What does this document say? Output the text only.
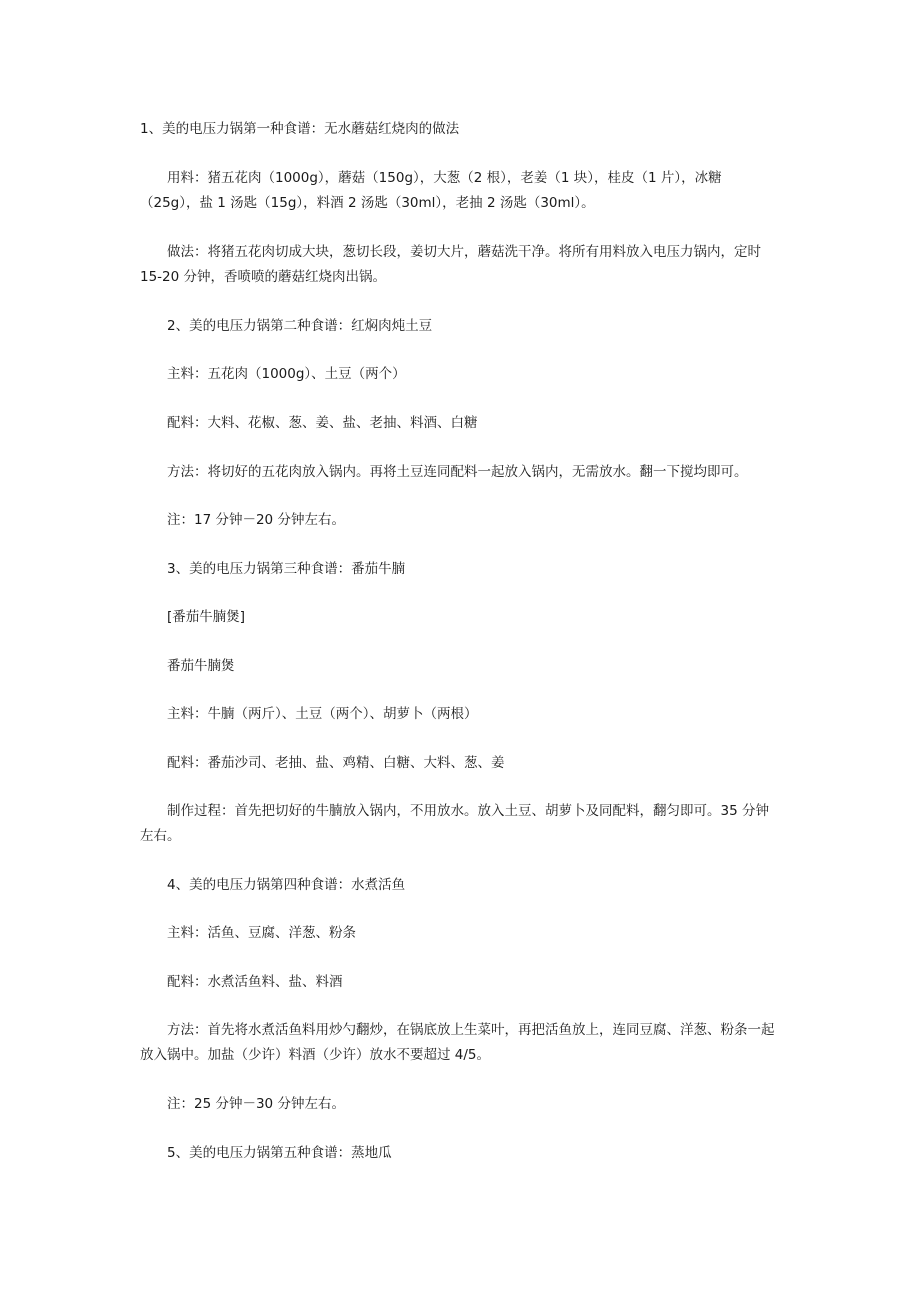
1、美的电压力锅第一种食谱：无水蘑菇红烧肉的做法

用料：猪五花肉（1000g），蘑菇（150g），大葱（2 根），老姜（1 块），桂皮（1 片），冰糖（25g），盐 1 汤匙（15g），料酒 2 汤匙（30ml），老抽 2 汤匙（30ml）。

做法：将猪五花肉切成大块，葱切长段，姜切大片，蘑菇洗干净。将所有用料放入电压力锅内，定时 15-20 分钟，香喷喷的蘑菇红烧肉出锅。

2、美的电压力锅第二种食谱：红焖肉炖土豆

主料：五花肉（1000g）、土豆（两个）

配料：大料、花椒、葱、姜、盐、老抽、料酒、白糖

方法：将切好的五花肉放入锅内。再将土豆连同配料一起放入锅内，无需放水。翻一下搅均即可。

注：17 分钟－20 分钟左右。

3、美的电压力锅第三种食谱：番茄牛腩

[番茄牛腩煲]

番茄牛腩煲

主料：牛腩（两斤）、土豆（两个）、胡萝卜（两根）

配料：番茄沙司、老抽、盐、鸡精、白糖、大料、葱、姜

制作过程：首先把切好的牛腩放入锅内，不用放水。放入土豆、胡萝卜及同配料，翻匀即可。35 分钟左右。

4、美的电压力锅第四种食谱：水煮活鱼

主料：活鱼、豆腐、洋葱、粉条

配料：水煮活鱼料、盐、料酒

方法：首先将水煮活鱼料用炒勺翻炒，在锅底放上生菜叶，再把活鱼放上，连同豆腐、洋葱、粉条一起放入锅中。加盐（少许）料酒（少许）放水不要超过 4/5。

注：25 分钟－30 分钟左右。

5、美的电压力锅第五种食谱：蒸地瓜
